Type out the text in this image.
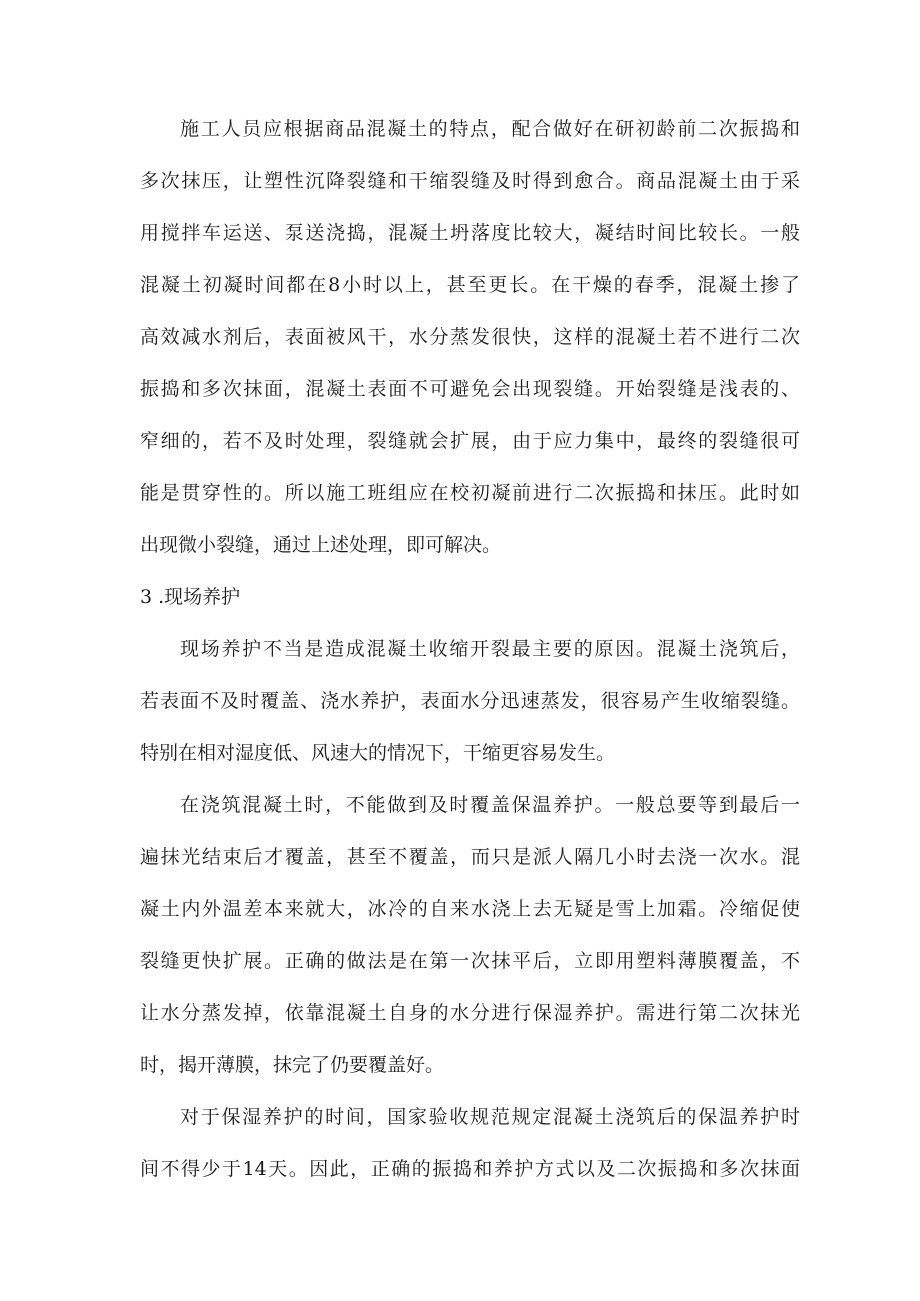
施工人员应根据商品混凝土的特点，配合做好在研初龄前二次振捣和
多次抹压，让塑性沉降裂缝和干缩裂缝及时得到愈合。商品混凝土由于采
用搅拌车运送、泵送浇捣，混凝土坍落度比较大，凝结时间比较长。一般
混凝土初凝时间都在8小时以上，甚至更长。在干燥的春季，混凝土掺了
高效减水剂后，表面被风干，水分蒸发很快，这样的混凝土若不进行二次
振捣和多次抹面，混凝土表面不可避免会出现裂缝。开始裂缝是浅表的、
窄细的，若不及时处理，裂缝就会扩展，由于应力集中，最终的裂缝很可
能是贯穿性的。所以施工班组应在校初凝前进行二次振捣和抹压。此时如
出现微小裂缝，通过上述处理，即可解决。
3 .现场养护
现场养护不当是造成混凝土收缩开裂最主要的原因。混凝土浇筑后，
若表面不及时覆盖、浇水养护，表面水分迅速蒸发，很容易产生收缩裂缝。
特别在相对湿度低、风速大的情况下，干缩更容易发生。
在浇筑混凝土时，不能做到及时覆盖保温养护。一般总要等到最后一
遍抹光结束后才覆盖，甚至不覆盖，而只是派人隔几小时去浇一次水。混
凝土内外温差本来就大，冰冷的自来水浇上去无疑是雪上加霜。冷缩促使
裂缝更快扩展。正确的做法是在第一次抹平后，立即用塑料薄膜覆盖，不
让水分蒸发掉，依靠混凝土自身的水分进行保湿养护。需进行第二次抹光
时，揭开薄膜，抹完了仍要覆盖好。
对于保湿养护的时间，国家验收规范规定混凝土浇筑后的保温养护时
间不得少于14天。因此，正确的振捣和养护方式以及二次振捣和多次抹面
